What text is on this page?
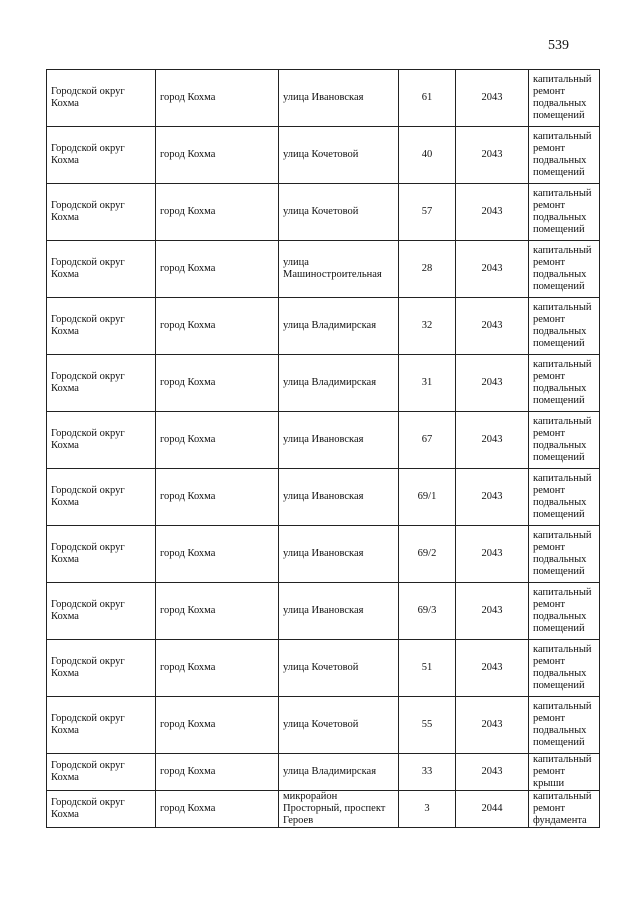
539
Городской округ Кохма	город Кохма	улица Ивановская	61	2043	капитальный ремонт подвальных помещений
Городской округ Кохма	город Кохма	улица Кочетовой	40	2043	капитальный ремонт подвальных помещений
Городской округ Кохма	город Кохма	улица Кочетовой	57	2043	капитальный ремонт подвальных помещений
Городской округ Кохма	город Кохма	улица Машиностроительная	28	2043	капитальный ремонт подвальных помещений
Городской округ Кохма	город Кохма	улица Владимирская	32	2043	капитальный ремонт подвальных помещений
Городской округ Кохма	город Кохма	улица Владимирская	31	2043	капитальный ремонт подвальных помещений
Городской округ Кохма	город Кохма	улица Ивановская	67	2043	капитальный ремонт подвальных помещений
Городской округ Кохма	город Кохма	улица Ивановская	69/1	2043	капитальный ремонт подвальных помещений
Городской округ Кохма	город Кохма	улица Ивановская	69/2	2043	капитальный ремонт подвальных помещений
Городской округ Кохма	город Кохма	улица Ивановская	69/3	2043	капитальный ремонт подвальных помещений
Городской округ Кохма	город Кохма	улица Кочетовой	51	2043	капитальный ремонт подвальных помещений
Городской округ Кохма	город Кохма	улица Кочетовой	55	2043	капитальный ремонт подвальных помещений
Городской округ Кохма	город Кохма	улица Владимирская	33	2043	капитальный ремонт крыши
Городской округ Кохма	город Кохма	микрорайон Просторный, проспект Героев	3	2044	капитальный ремонт фундамента
